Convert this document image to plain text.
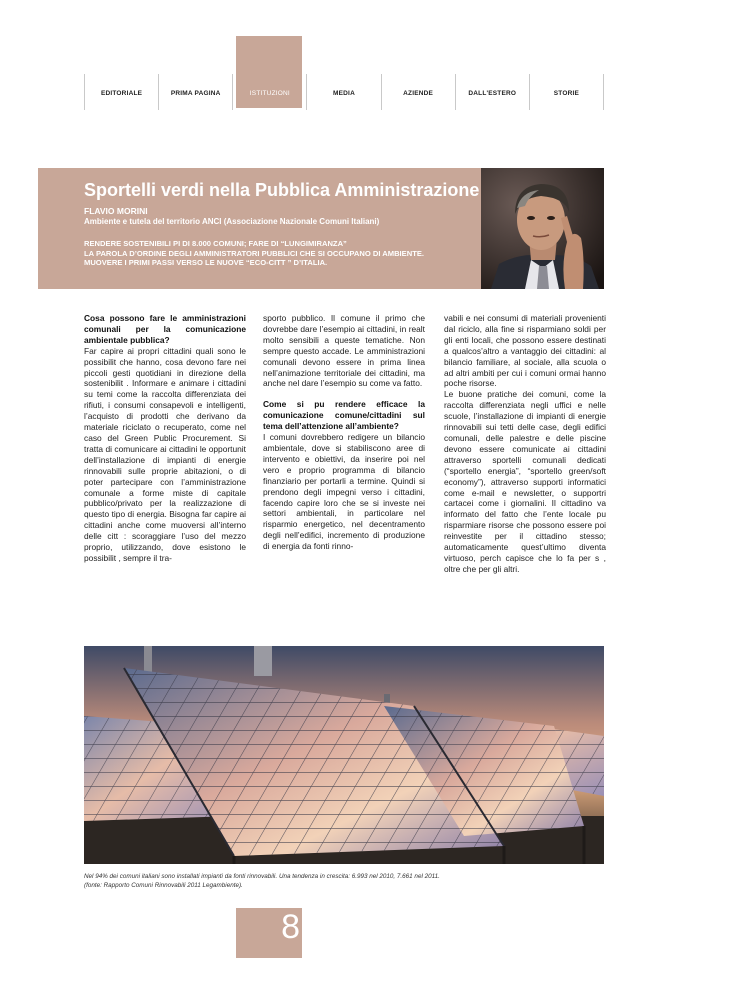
EDITORIALE	PRIMA PAGINA	ISTITUZIONI	MEDIA	AZIENDE	DALL'ESTERO	STORIE
Sportelli verdi nella Pubblica Amministrazione
FLAVIO MORINI
Ambiente e tutela del territorio ANCI (Associazione Nazionale Comuni Italiani)
RENDERE SOSTENIBILI PI DI 8.000 COMUNI; FARE DI “LUNGIMIRANZA”
LA PAROLA D’ORDINE DEGLI AMMINISTRATORI PUBBLICI CHE SI OCCUPANO DI AMBIENTE.
MUOVERE I PRIMI PASSI VERSO LE NUOVE “ECO-CITT ” D’ITALIA.
Cosa possono fare le amministrazioni comunali per la comunicazione ambientale pubblica?

Far capire ai propri cittadini quali sono le possibilit che hanno, cosa devono fare nei piccoli gesti quotidiani in direzione della sostenibilit . Informare e animare i cittadini su temi come la raccolta differenziata dei rifiuti, i consumi consapevoli e intelligenti, l’acquisto di prodotti che derivano da materiale riciclato o recuperato, come nel caso del Green Public Procurement. Si tratta di comunicare ai cittadini le opportunit dell’installazione di impianti di energie rinnovabili sulle proprie abitazioni, o di poter partecipare con l’amministrazione comunale a forme miste di capitale pubblico/privato per la realizzazione di questo tipo di energia. Bisogna far capire ai cittadini anche come muoversi all’interno delle citt : scoraggiare l’uso del mezzo proprio, utilizzando, dove esistono le possibilit , sempre il tra-

sporto pubblico. Il comune il primo che dovrebbe dare l’esempio ai cittadini, in realt molto sensibili a queste tematiche. Non sempre questo accade. Le amministrazioni comunali devono essere in prima linea nell’animazione territoriale dei cittadini, ma anche nel dare l’esempio su come va fatto.

Come si pu rendere efficace la comunicazione comune/cittadini sul tema dell’attenzione all’ambiente?

I comuni dovrebbero redigere un bilancio ambientale, dove si stabiliscono aree di intervento e obiettivi, da inserire poi nel vero e proprio programma di bilancio finanziario per portarli a termine. Quindi si prendono degli impegni verso i cittadini, facendo capire loro che se si investe nei settori ambientali, in particolare nel risparmio energetico, nel decentramento degli nell’edifici, incremento di produzione di energia da fonti rinno-

vabili e nei consumi di materiali provenienti dal riciclo, alla fine si risparmiano soldi per gli enti locali, che possono essere destinati a qualcos’altro a vantaggio dei cittadini: al bilancio familiare, al sociale, alla scuola o ad altri ambiti per cui i comuni ormai hanno poche risorse.

Le buone pratiche dei comuni, come la raccolta differenziata negli uffici e nelle scuole, l’installazione di impianti di energie rinnovabili sui tetti delle case, degli edifici comunali, delle palestre e delle piscine devono essere comunicate ai cittadini attraverso sportelli comunali dedicati (“sportello energia”, “sportello green/soft economy”), attraverso supporti informatici come e-mail e newsletter, o supportri cartacei come i giornalini. Il cittadino va informato del fatto che l’ente locale pu risparmiare risorse che possono essere poi reinvestite per il cittadino stesso; automaticamente quest’ultimo diventa virtuoso, perch capisce che lo fa per s , oltre che per gli altri.

Nel 94% dei comuni italiani sono installati impianti da fonti rinnovabili. Una tendenza in crescita: 6.993 nel 2010, 7.661 nel 2011.
(fonte: Rapporto Comuni Rinnovabili 2011 Legambiente).
8
